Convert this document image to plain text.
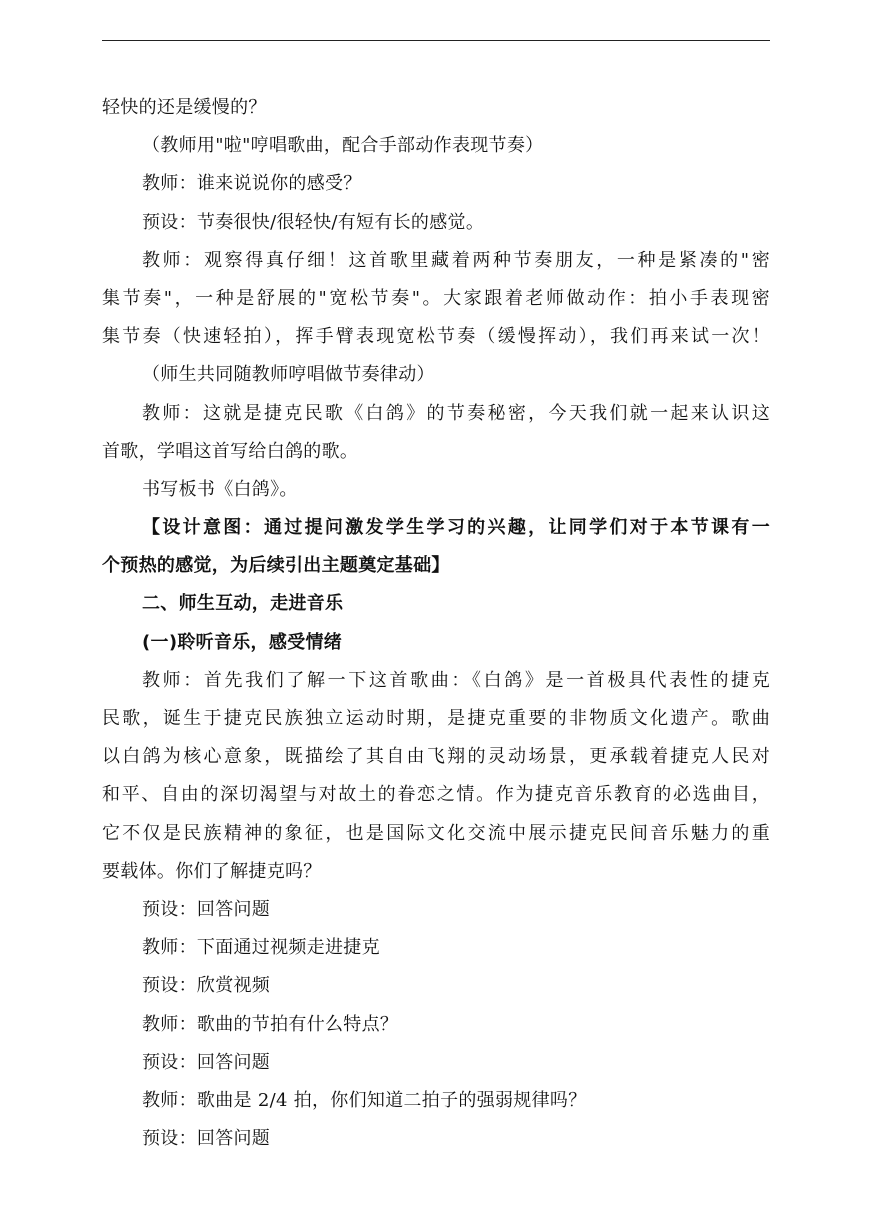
轻快的还是缓慢的？
（教师用"啦"哼唱歌曲，配合手部动作表现节奏）
教师：谁来说说你的感受？
预设：节奏很快/很轻快/有短有长的感觉。
教师：观察得真仔细！这首歌里藏着两种节奏朋友，一种是紧凑的"密
集节奏"，一种是舒展的"宽松节奏"。大家跟着老师做动作：拍小手表现密
集节奏（快速轻拍），挥手臂表现宽松节奏（缓慢挥动），我们再来试一次！
（师生共同随教师哼唱做节奏律动）
教师：这就是捷克民歌《白鸽》的节奏秘密，今天我们就一起来认识这
首歌，学唱这首写给白鸽的歌。
书写板书《白鸽》。
【设计意图：通过提问激发学生学习的兴趣，让同学们对于本节课有一
个预热的感觉，为后续引出主题奠定基础】
二、师生互动，走进音乐
(一)聆听音乐，感受情绪
教师：首先我们了解一下这首歌曲：《白鸽》是一首极具代表性的捷克
民歌，诞生于捷克民族独立运动时期，是捷克重要的非物质文化遗产。歌曲
以白鸽为核心意象，既描绘了其自由飞翔的灵动场景，更承载着捷克人民对
和平、自由的深切渴望与对故土的眷恋之情。作为捷克音乐教育的必选曲目，
它不仅是民族精神的象征，也是国际文化交流中展示捷克民间音乐魅力的重
要载体。你们了解捷克吗？
预设：回答问题
教师：下面通过视频走进捷克
预设：欣赏视频
教师：歌曲的节拍有什么特点？
预设：回答问题
教师：歌曲是 2/4 拍，你们知道二拍子的强弱规律吗？
预设：回答问题
